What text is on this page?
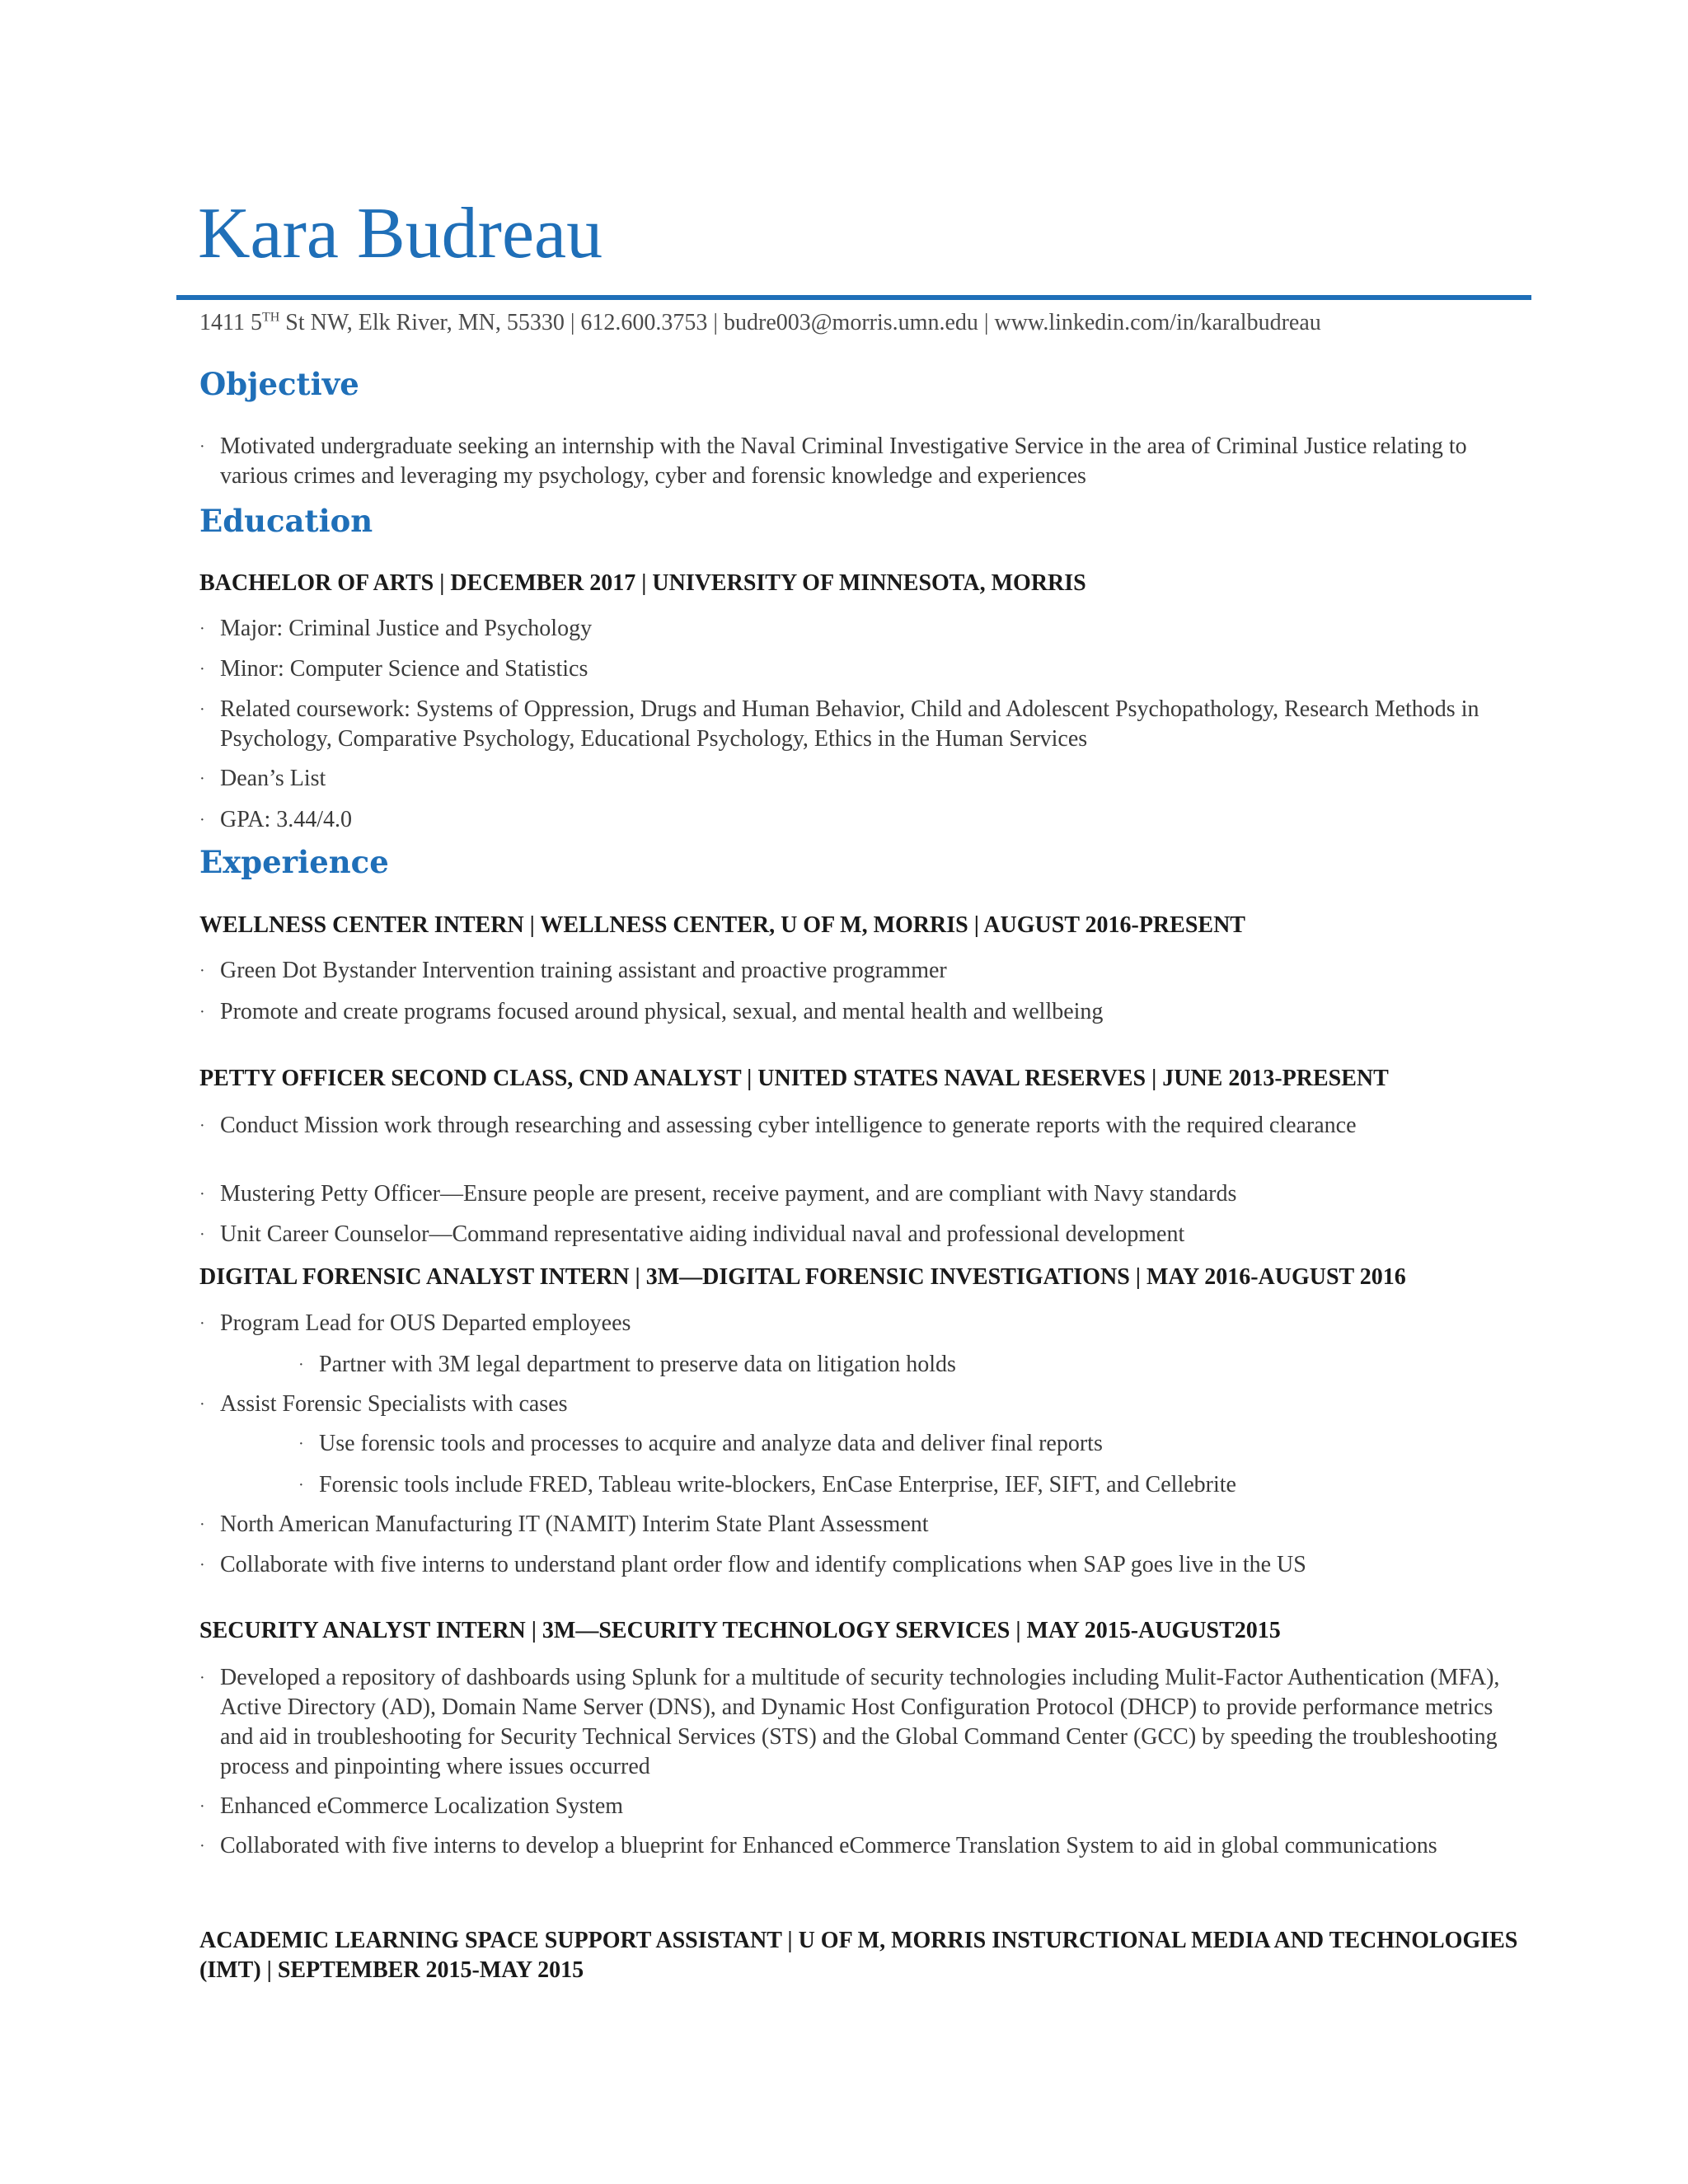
Kara Budreau
1411 5TH St NW, Elk River, MN, 55330 | 612.600.3753 | budre003@morris.umn.edu | www.linkedin.com/in/karalbudreau
Objective
· Motivated undergraduate seeking an internship with the Naval Criminal Investigative Service in the area of Criminal Justice relating to various crimes and leveraging my psychology, cyber and forensic knowledge and experiences
Education
BACHELOR OF ARTS | DECEMBER 2017 | UNIVERSITY OF MINNESOTA, MORRIS
· Major: Criminal Justice and Psychology
· Minor: Computer Science and Statistics
· Related coursework: Systems of Oppression, Drugs and Human Behavior, Child and Adolescent Psychopathology, Research Methods in Psychology, Comparative Psychology, Educational Psychology, Ethics in the Human Services
· Dean’s List
· GPA: 3.44/4.0
Experience
WELLNESS CENTER INTERN | WELLNESS CENTER, U OF M, MORRIS | AUGUST 2016-PRESENT
· Green Dot Bystander Intervention training assistant and proactive programmer
· Promote and create programs focused around physical, sexual, and mental health and wellbeing
PETTY OFFICER SECOND CLASS, CND ANALYST | UNITED STATES NAVAL RESERVES | JUNE 2013-PRESENT
· Conduct Mission work through researching and assessing cyber intelligence to generate reports with the required clearance
· Mustering Petty Officer—Ensure people are present, receive payment, and are compliant with Navy standards
· Unit Career Counselor—Command representative aiding individual naval and professional development
DIGITAL FORENSIC ANALYST INTERN | 3M—DIGITAL FORENSIC INVESTIGATIONS | MAY 2016-AUGUST 2016
· Program Lead for OUS Departed employees
· Partner with 3M legal department to preserve data on litigation holds
· Assist Forensic Specialists with cases
· Use forensic tools and processes to acquire and analyze data and deliver final reports
· Forensic tools include FRED, Tableau write-blockers, EnCase Enterprise, IEF, SIFT, and Cellebrite
· North American Manufacturing IT (NAMIT) Interim State Plant Assessment
· Collaborate with five interns to understand plant order flow and identify complications when SAP goes live in the US
SECURITY ANALYST INTERN | 3M—SECURITY TECHNOLOGY SERVICES | MAY 2015-AUGUST2015
· Developed a repository of dashboards using Splunk for a multitude of security technologies including Mulit-Factor Authentication (MFA), Active Directory (AD), Domain Name Server (DNS), and Dynamic Host Configuration Protocol (DHCP) to provide performance metrics and aid in troubleshooting for Security Technical Services (STS) and the Global Command Center (GCC) by speeding the troubleshooting process and pinpointing where issues occurred
· Enhanced eCommerce Localization System
· Collaborated with five interns to develop a blueprint for Enhanced eCommerce Translation System to aid in global communications
ACADEMIC LEARNING SPACE SUPPORT ASSISTANT | U OF M, MORRIS INSTURCTIONAL MEDIA AND TECHNOLOGIES (IMT) | SEPTEMBER 2015-MAY 2015
